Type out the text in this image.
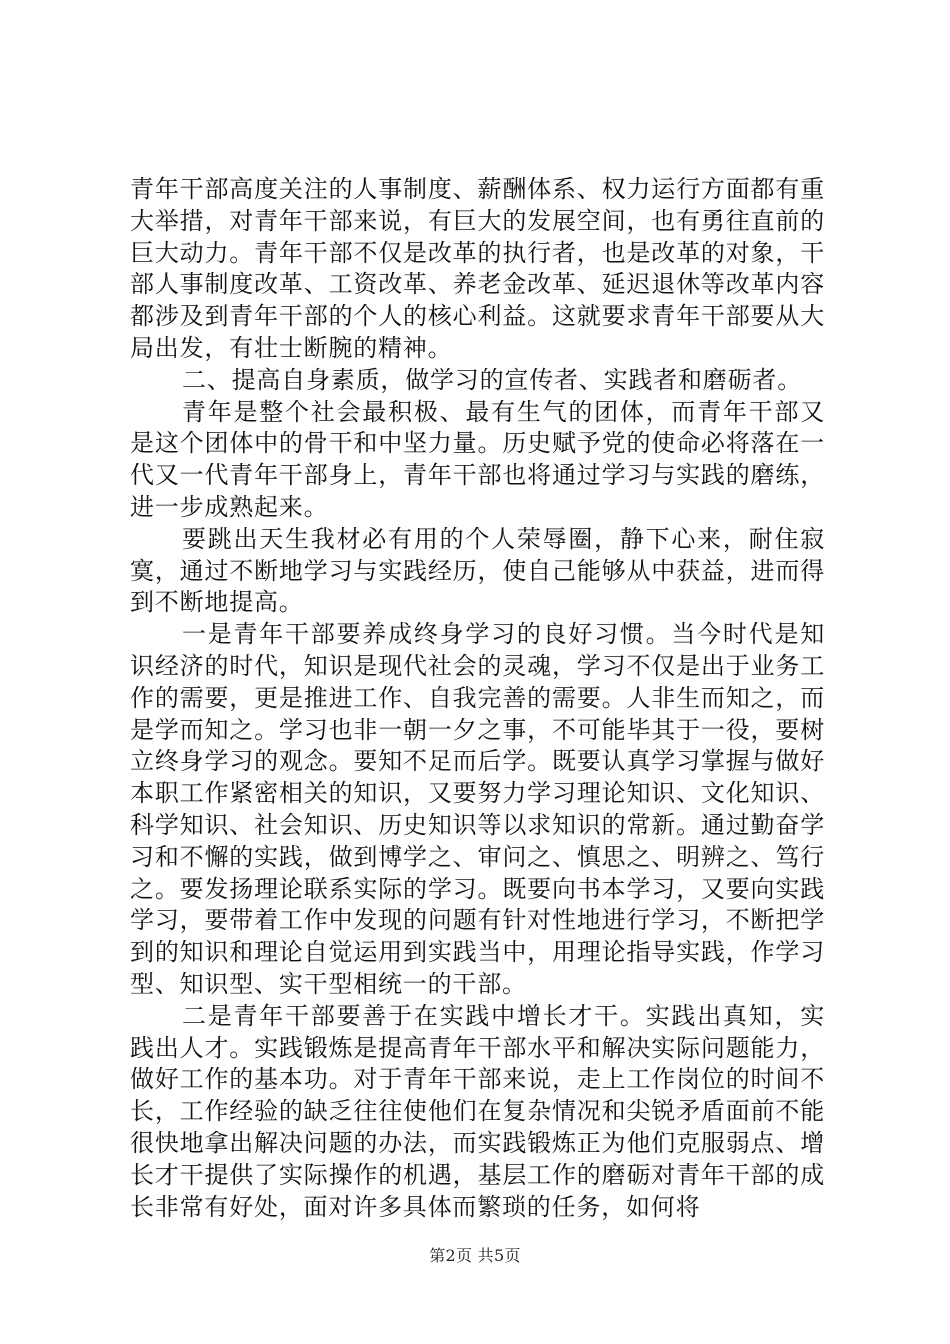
青年干部高度关注的人事制度、薪酬体系、权力运行方面都有重大举措，对青年干部来说，有巨大的发展空间，也有勇往直前的巨大动力。青年干部不仅是改革的执行者，也是改革的对象，干部人事制度改革、工资改革、养老金改革、延迟退休等改革内容都涉及到青年干部的个人的核心利益。这就要求青年干部要从大局出发，有壮士断腕的精神。

二、提高自身素质，做学习的宣传者、实践者和磨砺者。

青年是整个社会最积极、最有生气的团体，而青年干部又是这个团体中的骨干和中坚力量。历史赋予党的使命必将落在一代又一代青年干部身上，青年干部也将通过学习与实践的磨练，进一步成熟起来。

要跳出天生我材必有用的个人荣辱圈，静下心来，耐住寂寞，通过不断地学习与实践经历，使自己能够从中获益，进而得到不断地提高。

一是青年干部要养成终身学习的良好习惯。当今时代是知识经济的时代，知识是现代社会的灵魂，学习不仅是出于业务工作的需要，更是推进工作、自我完善的需要。人非生而知之，而是学而知之。学习也非一朝一夕之事，不可能毕其于一役，要树立终身学习的观念。要知不足而后学。既要认真学习掌握与做好本职工作紧密相关的知识，又要努力学习理论知识、文化知识、科学知识、社会知识、历史知识等以求知识的常新。通过勤奋学习和不懈的实践，做到博学之、审问之、慎思之、明辨之、笃行之。要发扬理论联系实际的学习。既要向书本学习，又要向实践学习，要带着工作中发现的问题有针对性地进行学习，不断把学到的知识和理论自觉运用到实践当中，用理论指导实践，作学习型、知识型、实干型相统一的干部。

二是青年干部要善于在实践中增长才干。实践出真知，实践出人才。实践锻炼是提高青年干部水平和解决实际问题能力，做好工作的基本功。对于青年干部来说，走上工作岗位的时间不长，工作经验的缺乏往往使他们在复杂情况和尖锐矛盾面前不能很快地拿出解决问题的办法，而实践锻炼正为他们克服弱点、增长才干提供了实际操作的机遇，基层工作的磨砺对青年干部的成长非常有好处，面对许多具体而繁琐的任务，如何将

第2页 共5页
